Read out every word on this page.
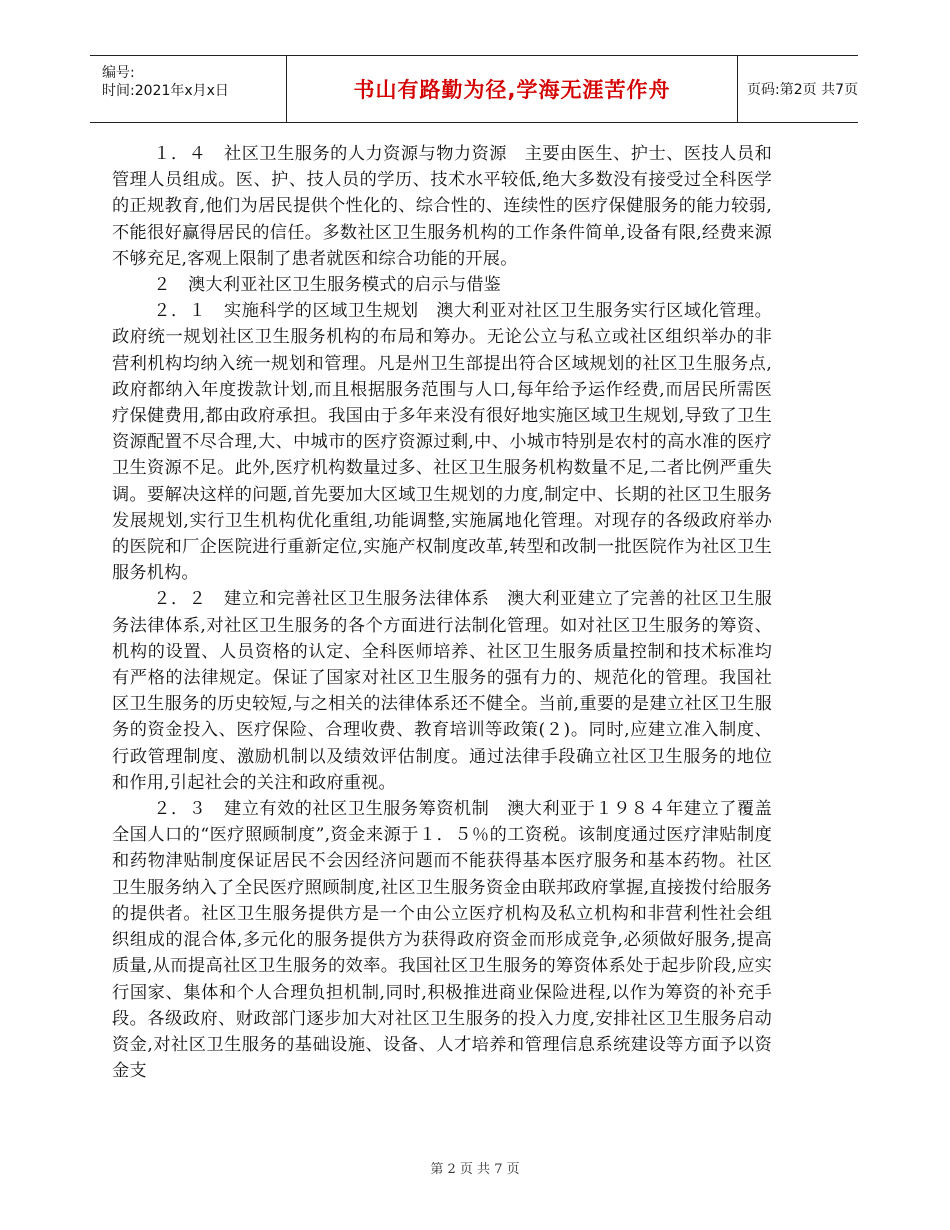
编号:
时间:2021年x月x日	书山有路勤为径,学海无涯苦作舟	页码:第2页 共7页

１．４　社区卫生服务的人力资源与物力资源　主要由医生、护士、医技人员和管理人员组成。医、护、技人员的学历、技术水平较低,绝大多数没有接受过全科医学的正规教育,他们为居民提供个性化的、综合性的、连续性的医疗保健服务的能力较弱,不能很好赢得居民的信任。多数社区卫生服务机构的工作条件简单,设备有限,经费来源不够充足,客观上限制了患者就医和综合功能的开展。

２　澳大利亚社区卫生服务模式的启示与借鉴

２．１　实施科学的区域卫生规划　澳大利亚对社区卫生服务实行区域化管理。政府统一规划社区卫生服务机构的布局和筹办。无论公立与私立或社区组织举办的非营利机构均纳入统一规划和管理。凡是州卫生部提出符合区域规划的社区卫生服务点,政府都纳入年度拨款计划,而且根据服务范围与人口,每年给予运作经费,而居民所需医疗保健费用,都由政府承担。我国由于多年来没有很好地实施区域卫生规划,导致了卫生资源配置不尽合理,大、中城市的医疗资源过剩,中、小城市特别是农村的高水准的医疗卫生资源不足。此外,医疗机构数量过多、社区卫生服务机构数量不足,二者比例严重失调。要解决这样的问题,首先要加大区域卫生规划的力度,制定中、长期的社区卫生服务发展规划,实行卫生机构优化重组,功能调整,实施属地化管理。对现存的各级政府举办的医院和厂企医院进行重新定位,实施产权制度改革,转型和改制一批医院作为社区卫生服务机构。

２．２　建立和完善社区卫生服务法律体系　澳大利亚建立了完善的社区卫生服务法律体系,对社区卫生服务的各个方面进行法制化管理。如对社区卫生服务的筹资、机构的设置、人员资格的认定、全科医师培养、社区卫生服务质量控制和技术标准均有严格的法律规定。保证了国家对社区卫生服务的强有力的、规范化的管理。我国社区卫生服务的历史较短,与之相关的法律体系还不健全。当前,重要的是建立社区卫生服务的资金投入、医疗保险、合理收费、教育培训等政策(２)。同时,应建立准入制度、行政管理制度、激励机制以及绩效评估制度。通过法律手段确立社区卫生服务的地位和作用,引起社会的关注和政府重视。

２．３　建立有效的社区卫生服务筹资机制　澳大利亚于１９８４年建立了覆盖全国人口的“医疗照顾制度”,资金来源于１．５％的工资税。该制度通过医疗津贴制度和药物津贴制度保证居民不会因经济问题而不能获得基本医疗服务和基本药物。社区卫生服务纳入了全民医疗照顾制度,社区卫生服务资金由联邦政府掌握,直接拨付给服务的提供者。社区卫生服务提供方是一个由公立医疗机构及私立机构和非营利性社会组织组成的混合体,多元化的服务提供方为获得政府资金而形成竞争,必须做好服务,提高质量,从而提高社区卫生服务的效率。我国社区卫生服务的筹资体系处于起步阶段,应实行国家、集体和个人合理负担机制,同时,积极推进商业保险进程,以作为筹资的补充手段。各级政府、财政部门逐步加大对社区卫生服务的投入力度,安排社区卫生服务启动资金,对社区卫生服务的基础设施、设备、人才培养和管理信息系统建设等方面予以资金支

第 2 页 共 7 页
